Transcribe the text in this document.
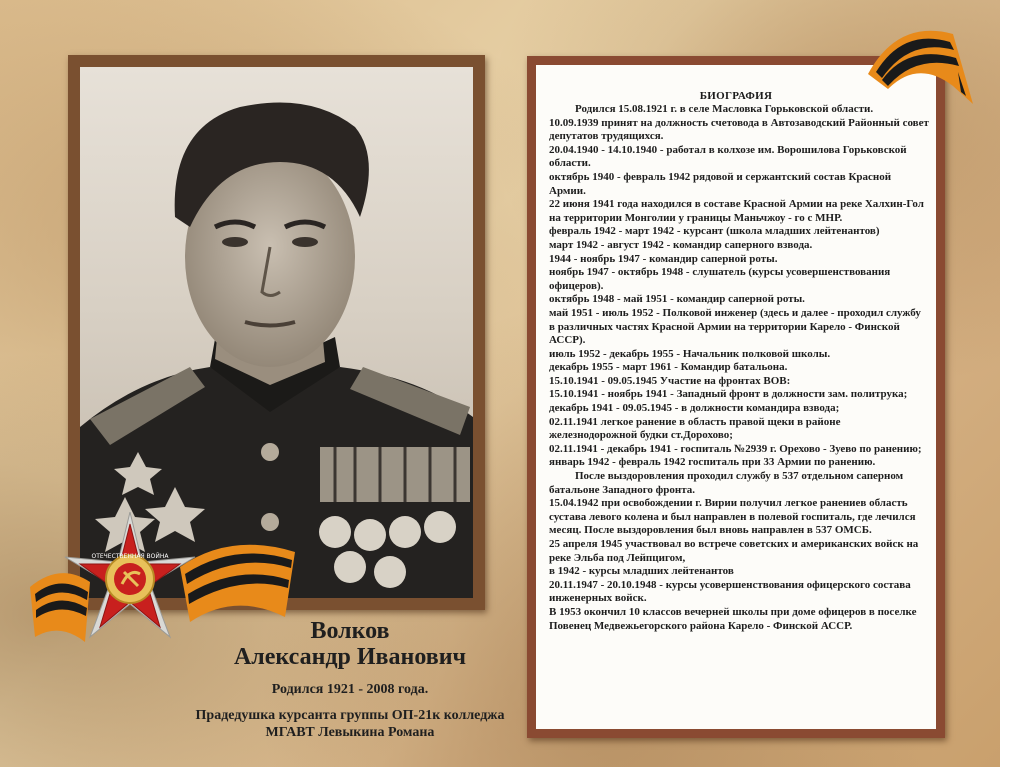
БИОГРАФИЯ
Родился 15.08.1921 г. в селе Масловка Горьковской области.
10.09.1939 принят на должность счетовода в Автозаводский Районный совет депутатов трудящихся.
20.04.1940 - 14.10.1940 - работал в колхозе им. Ворошилова Горьковской области.
октябрь 1940 - февраль 1942 рядовой и сержантский состав Красной Армии.
22 июня 1941 года находился в составе Красной Армии на реке Халхин-Гол на территории Монголии у границы Маньчжоу - го с МНР.
февраль 1942 - март 1942 - курсант (школа младших лейтенантов)
март 1942 - август 1942 - командир саперного взвода.
1944 - ноябрь 1947 - командир саперной роты.
ноябрь 1947 - октябрь 1948 - слушатель (курсы усовершенствования офицеров).
октябрь 1948 - май 1951 - командир саперной роты.
май 1951 - июль 1952 - Полковой инженер (здесь и далее - проходил службу в различных частях Красной Армии на территории Карело - Финской АССР).
июль 1952 - декабрь 1955 - Начальник полковой школы.
декабрь 1955 - март 1961 - Командир батальона.
15.10.1941 - 09.05.1945 Участие на фронтах ВОВ:
15.10.1941 - ноябрь 1941 - Западный фронт в должности зам. политрука;
декабрь 1941 - 09.05.1945 - в должности командира взвода;
02.11.1941 легкое ранение в область правой щеки в районе железнодорожной будки ст.Дорохово;
02.11.1941 - декабрь 1941 - госпиталь №2939 г. Орехово - Зуево по ранению;
январь 1942 - февраль 1942 госпиталь при 33 Армии по ранению.
После выздоровления проходил службу в 537 отдельном саперном батальоне Западного фронта.
15.04.1942 при освобождении г. Вирии получил легкое ранениев область сустава левого колена и был направлен в полевой госпиталь, где лечился месяц. После выздоровления был вновь направлен в 537 ОМСБ.
25 апреля 1945 участвовал во встрече советских и американских войск на реке Эльба под Лейпцигом,
в 1942 - курсы младших лейтенантов
20.11.1947 - 20.10.1948 - курсы усовершенствования офицерского состава инженерных войск.
В 1953 окончил 10 классов вечерней школы при доме офицеров в поселке Повенец Медвежьегорского района Карело - Финской АССР.
ОТЕЧЕСТВЕННАЯ ВОЙНА
Волков
Александр Иванович

Родился 1921 - 2008 года.

Прадедушка курсанта группы ОП-21к колледжа
МГАВТ Левыкина Романа
